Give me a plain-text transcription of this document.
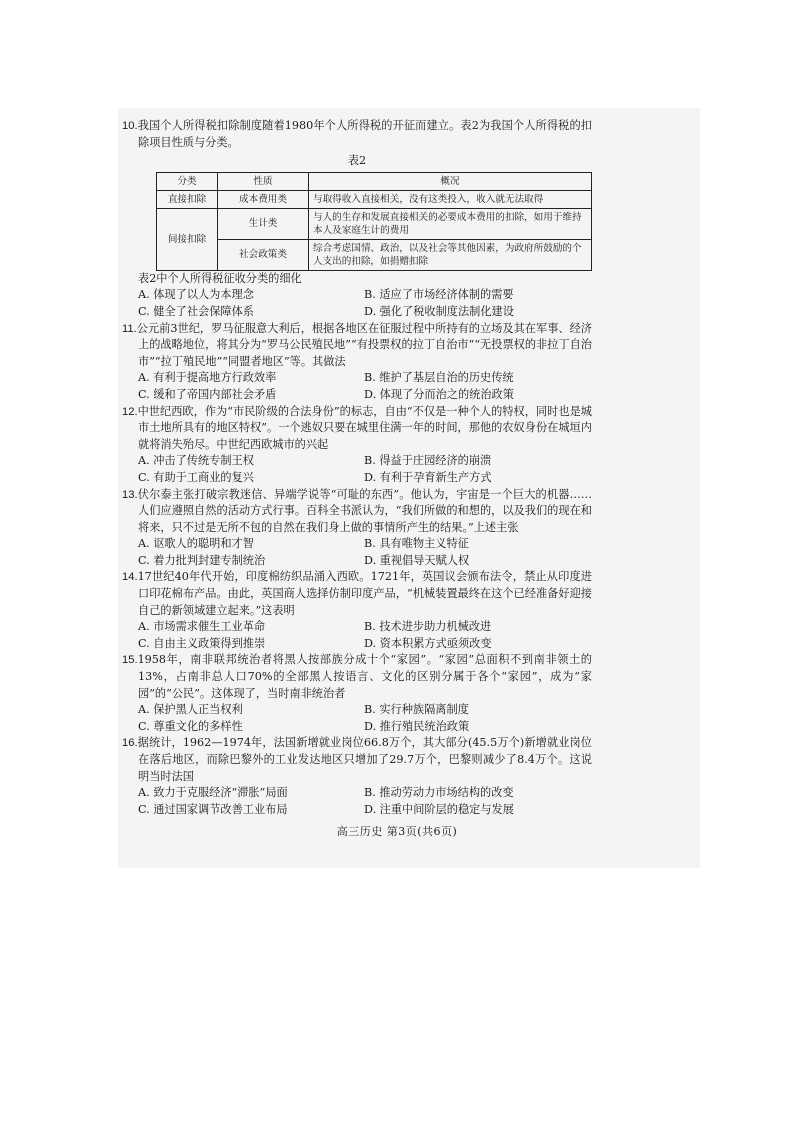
10.我国个人所得税扣除制度随着1980年个人所得税的开征而建立。表2为我国个人所得税的扣除项目性质与分类。
表2
分类	性质	概况
直接扣除	成本费用类	与取得收入直接相关，没有这类投入，收入就无法取得
间接扣除	生计类	与人的生存和发展直接相关的必要成本费用的扣除，如用于维持本人及家庭生计的费用
	社会政策类	综合考虑国情、政治，以及社会等其他因素，为政府所鼓励的个人支出的扣除，如捐赠扣除
表2中个人所得税征收分类的细化
A. 体现了以人为本理念	B. 适应了市场经济体制的需要
C. 健全了社会保障体系	D. 强化了税收制度法制化建设
11.公元前3世纪，罗马征服意大利后，根据各地区在征服过程中所持有的立场及其在军事、经济上的战略地位，将其分为“罗马公民殖民地”“有投票权的拉丁自治市”“无投票权的非拉丁自治市”“拉丁殖民地”“同盟者地区”等。其做法
A. 有利于提高地方行政效率	B. 维护了基层自治的历史传统
C. 缓和了帝国内部社会矛盾	D. 体现了分而治之的统治政策
12.中世纪西欧，作为“市民阶级的合法身份”的标志，自由“不仅是一种个人的特权，同时也是城市土地所具有的地区特权”。一个逃奴只要在城里住满一年的时间，那他的农奴身份在城垣内就将消失殆尽。中世纪西欧城市的兴起
A. 冲击了传统专制王权	B. 得益于庄园经济的崩溃
C. 有助于工商业的复兴	D. 有利于孕育新生产方式
13.伏尔泰主张打破宗教迷信、异端学说等“可耻的东西”。他认为，宇宙是一个巨大的机器……人们应遵照自然的活动方式行事。百科全书派认为，“我们所做的和想的，以及我们的现在和将来，只不过是无所不包的自然在我们身上做的事情所产生的结果。”上述主张
A. 讴歌人的聪明和才智	B. 具有唯物主义特征
C. 着力批判封建专制统治	D. 重视倡导天赋人权
14.17世纪40年代开始，印度棉纺织品涌入西欧。1721年，英国议会颁布法令，禁止从印度进口印花棉布产品。由此，英国商人选择仿制印度产品，“机械装置最终在这个已经准备好迎接自己的新领域建立起来。”这表明
A. 市场需求催生工业革命	B. 技术进步助力机械改进
C. 自由主义政策得到推崇	D. 资本积累方式亟须改变
15.1958年，南非联邦统治者将黑人按部族分成十个“家园”。“家园”总面积不到南非领土的13%，占南非总人口70%的全部黑人按语言、文化的区别分属于各个“家园”，成为“家园”的“公民”。这体现了，当时南非统治者
A. 保护黑人正当权利	B. 实行种族隔离制度
C. 尊重文化的多样性	D. 推行殖民统治政策
16.据统计，1962—1974年，法国新增就业岗位66.8万个，其大部分(45.5万个)新增就业岗位在落后地区，而除巴黎外的工业发达地区只增加了29.7万个，巴黎则减少了8.4万个。这说明当时法国
A. 致力于克服经济“滞胀”局面	B. 推动劳动力市场结构的改变
C. 通过国家调节改善工业布局	D. 注重中间阶层的稳定与发展
高三历史 第3页(共6页)
